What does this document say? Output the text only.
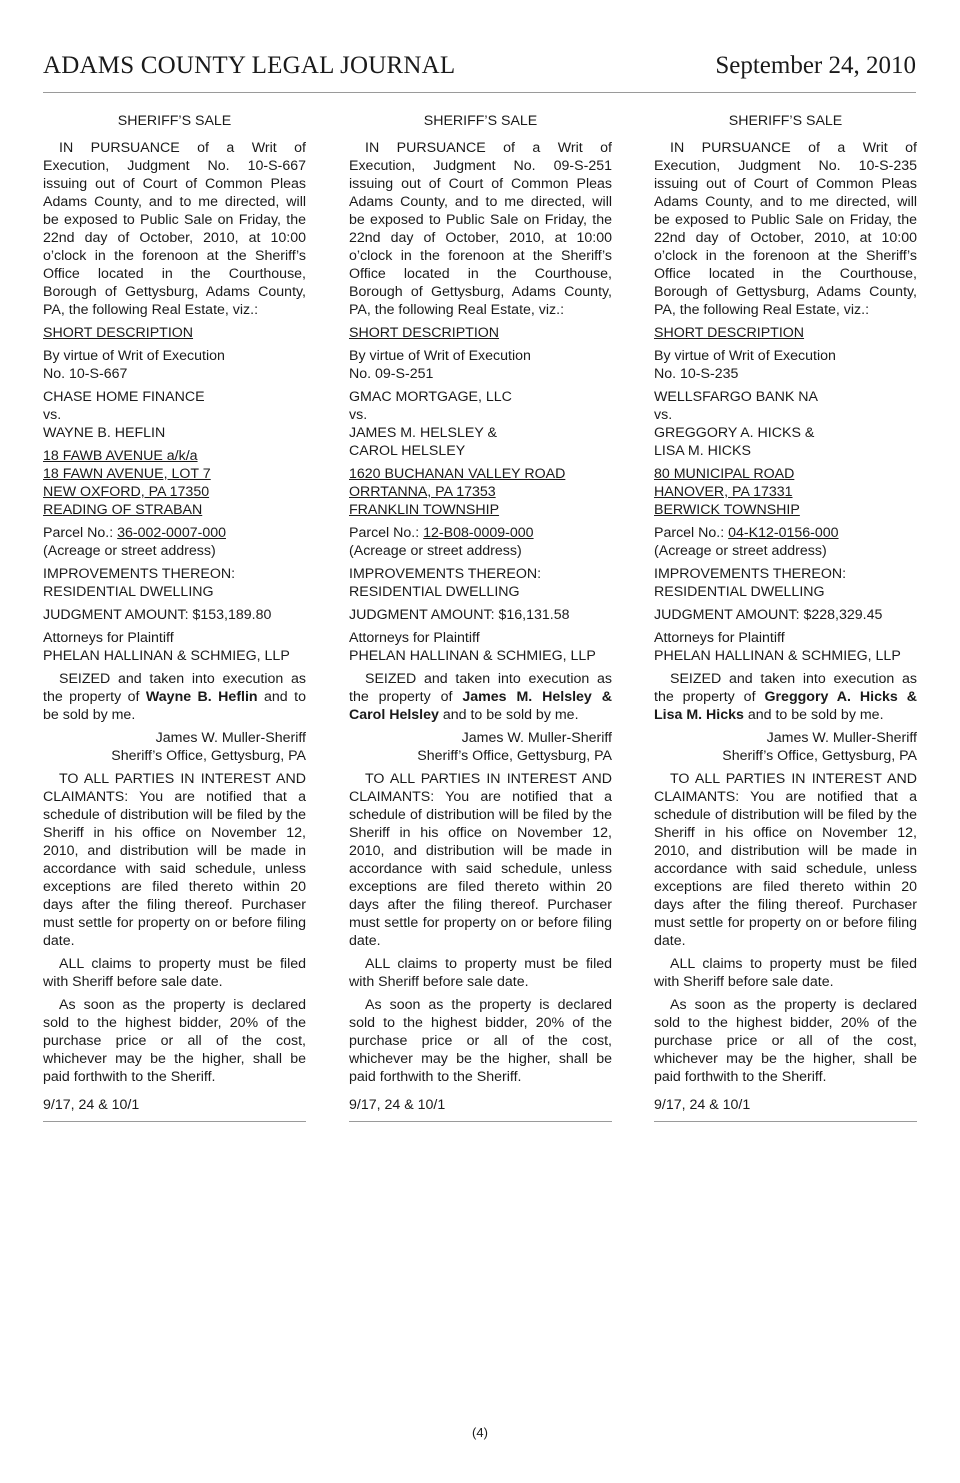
ADAMS COUNTY LEGAL JOURNAL	September 24, 2010
SHERIFF’S SALE

IN PURSUANCE of a Writ of Execution, Judgment No. 10-S-667 issuing out of Court of Common Pleas Adams County, and to me directed, will be exposed to Public Sale on Friday, the 22nd day of October, 2010, at 10:00 o’clock in the forenoon at the Sheriff’s Office located in the Courthouse, Borough of Gettysburg, Adams County, PA, the following Real Estate, viz.:

SHORT DESCRIPTION

By virtue of Writ of Execution
No. 10-S-667

CHASE HOME FINANCE
vs.
WAYNE B. HEFLIN

18 FAWB AVENUE a/k/a
18 FAWN AVENUE, LOT 7
NEW OXFORD, PA 17350
READING OF STRABAN

Parcel No.: 36-002-0007-000
(Acreage or street address)

IMPROVEMENTS THEREON:
RESIDENTIAL DWELLING

JUDGMENT AMOUNT: $153,189.80

Attorneys for Plaintiff
PHELAN HALLINAN & SCHMIEG, LLP

SEIZED and taken into execution as the property of Wayne B. Heflin and to be sold by me.

James W. Muller-Sheriff
Sheriff’s Office, Gettysburg, PA

TO ALL PARTIES IN INTEREST AND CLAIMANTS: You are notified that a schedule of distribution will be filed by the Sheriff in his office on November 12, 2010, and distribution will be made in accordance with said schedule, unless exceptions are filed thereto within 20 days after the filing thereof. Purchaser must settle for property on or before filing date.

ALL claims to property must be filed with Sheriff before sale date.

As soon as the property is declared sold to the highest bidder, 20% of the purchase price or all of the cost, whichever may be the higher, shall be paid forthwith to the Sheriff.

9/17, 24 & 10/1

SHERIFF’S SALE

IN PURSUANCE of a Writ of Execution, Judgment No. 09-S-251 issuing out of Court of Common Pleas Adams County, and to me directed, will be exposed to Public Sale on Friday, the 22nd day of October, 2010, at 10:00 o’clock in the forenoon at the Sheriff’s Office located in the Courthouse, Borough of Gettysburg, Adams County, PA, the following Real Estate, viz.:

SHORT DESCRIPTION

By virtue of Writ of Execution
No. 09-S-251

GMAC MORTGAGE, LLC
vs.
JAMES M. HELSLEY &
CAROL HELSLEY

1620 BUCHANAN VALLEY ROAD
ORRTANNA, PA 17353
FRANKLIN TOWNSHIP

Parcel No.: 12-B08-0009-000
(Acreage or street address)

IMPROVEMENTS THEREON:
RESIDENTIAL DWELLING

JUDGMENT AMOUNT: $16,131.58

Attorneys for Plaintiff
PHELAN HALLINAN & SCHMIEG, LLP

SEIZED and taken into execution as the property of James M. Helsley & Carol Helsley and to be sold by me.

James W. Muller-Sheriff
Sheriff’s Office, Gettysburg, PA

TO ALL PARTIES IN INTEREST AND CLAIMANTS: You are notified that a schedule of distribution will be filed by the Sheriff in his office on November 12, 2010, and distribution will be made in accordance with said schedule, unless exceptions are filed thereto within 20 days after the filing thereof. Purchaser must settle for property on or before filing date.

ALL claims to property must be filed with Sheriff before sale date.

As soon as the property is declared sold to the highest bidder, 20% of the purchase price or all of the cost, whichever may be the higher, shall be paid forthwith to the Sheriff.

9/17, 24 & 10/1

SHERIFF’S SALE

IN PURSUANCE of a Writ of Execution, Judgment No. 10-S-235 issuing out of Court of Common Pleas Adams County, and to me directed, will be exposed to Public Sale on Friday, the 22nd day of October, 2010, at 10:00 o’clock in the forenoon at the Sheriff’s Office located in the Courthouse, Borough of Gettysburg, Adams County, PA, the following Real Estate, viz.:

SHORT DESCRIPTION

By virtue of Writ of Execution
No. 10-S-235

WELLSFARGO BANK NA
vs.
GREGGORY A. HICKS &
LISA M. HICKS

80 MUNICIPAL ROAD
HANOVER, PA 17331
BERWICK TOWNSHIP

Parcel No.: 04-K12-0156-000
(Acreage or street address)

IMPROVEMENTS THEREON:
RESIDENTIAL DWELLING

JUDGMENT AMOUNT: $228,329.45

Attorneys for Plaintiff
PHELAN HALLINAN & SCHMIEG, LLP

SEIZED and taken into execution as the property of Greggory A. Hicks & Lisa M. Hicks and to be sold by me.

James W. Muller-Sheriff
Sheriff’s Office, Gettysburg, PA

TO ALL PARTIES IN INTEREST AND CLAIMANTS: You are notified that a schedule of distribution will be filed by the Sheriff in his office on November 12, 2010, and distribution will be made in accordance with said schedule, unless exceptions are filed thereto within 20 days after the filing thereof. Purchaser must settle for property on or before filing date.

ALL claims to property must be filed with Sheriff before sale date.

As soon as the property is declared sold to the highest bidder, 20% of the purchase price or all of the cost, whichever may be the higher, shall be paid forthwith to the Sheriff.

9/17, 24 & 10/1

(4)
